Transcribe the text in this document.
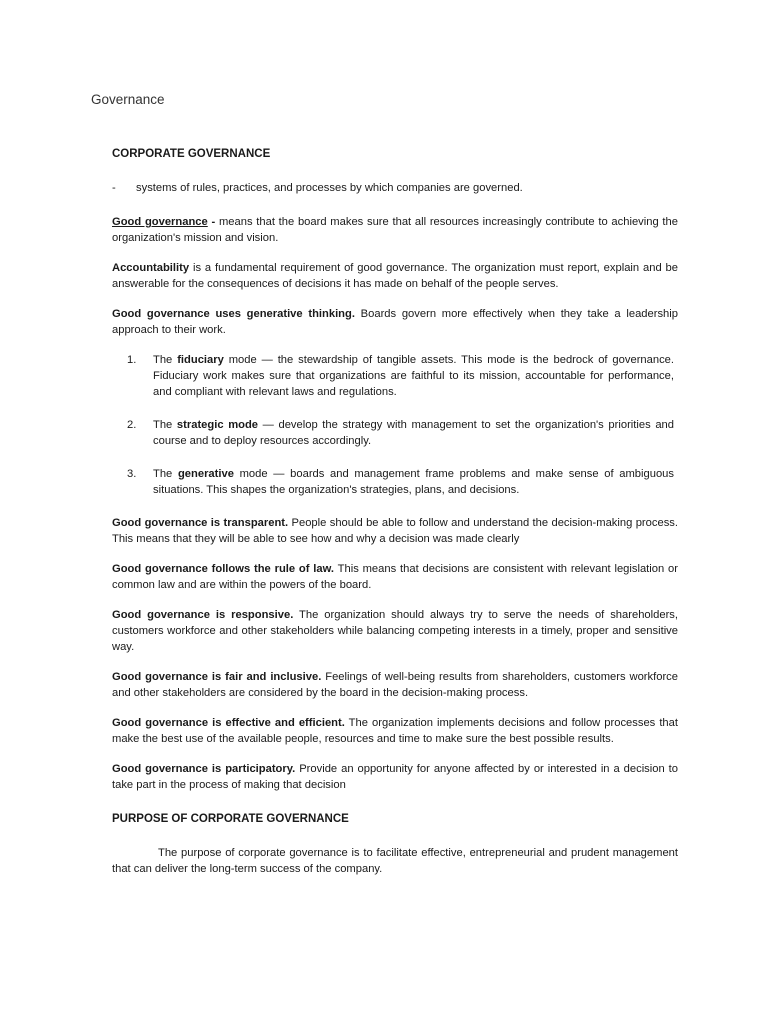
Governance
CORPORATE GOVERNANCE
-	systems of rules, practices, and processes by which companies are governed.

Good governance - means that the board makes sure that all resources increasingly contribute to achieving the organization's mission and vision.

Accountability is a fundamental requirement of good governance. The organization must report, explain and be answerable for the consequences of decisions it has made on behalf of the people serves.

Good governance uses generative thinking. Boards govern more effectively when they take a leadership approach to their work.

1.	The fiduciary mode — the stewardship of tangible assets. This mode is the bedrock of governance. Fiduciary work makes sure that organizations are faithful to its mission, accountable for performance, and compliant with relevant laws and regulations.
2.	The strategic mode — develop the strategy with management to set the organization's priorities and course and to deploy resources accordingly.
3.	The generative mode — boards and management frame problems and make sense of ambiguous situations. This shapes the organization's strategies, plans, and decisions.

Good governance is transparent. People should be able to follow and understand the decision-making process. This means that they will be able to see how and why a decision was made clearly

Good governance follows the rule of law. This means that decisions are consistent with relevant legislation or common law and are within the powers of the board.

Good governance is responsive. The organization should always try to serve the needs of shareholders, customers workforce and other stakeholders while balancing competing interests in a timely, proper and sensitive way.

Good governance is fair and inclusive. Feelings of well-being results from shareholders, customers workforce and other stakeholders are considered by the board in the decision-making process.

Good governance is effective and efficient. The organization implements decisions and follow processes that make the best use of the available people, resources and time to make sure the best possible results.

Good governance is participatory. Provide an opportunity for anyone affected by or interested in a decision to take part in the process of making that decision

PURPOSE OF CORPORATE GOVERNANCE

The purpose of corporate governance is to facilitate effective, entrepreneurial and prudent management that can deliver the long-term success of the company.
